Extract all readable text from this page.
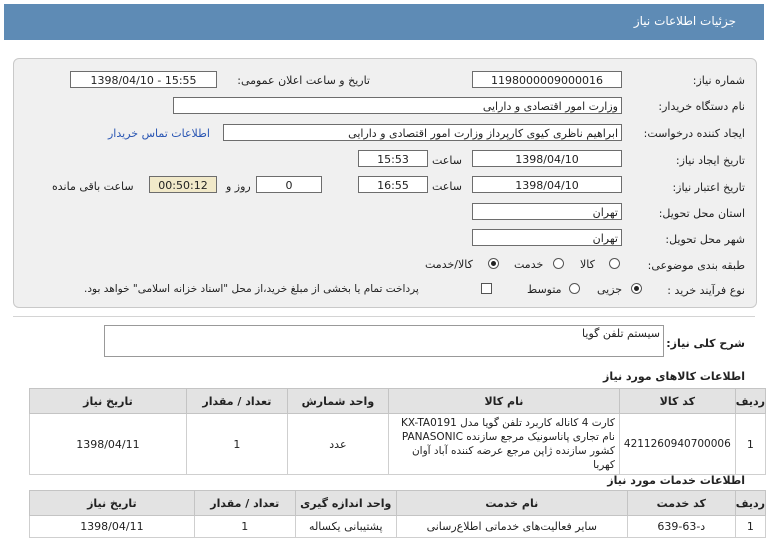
جزئیات اطلاعات نیاز
شماره نیاز:
1198000009000016
تاریخ و ساعت اعلان عمومی:
1398/04/10 - 15:55
نام دستگاه خریدار:
وزارت امور اقتصادی و دارایی
ایجاد کننده درخواست:
ابراهیم ناظری کیوی کارپرداز وزارت امور اقتصادی و دارایی
اطلاعات تماس خریدار
تاریخ ایجاد نیاز:
1398/04/10
ساعت
15:53
تاریخ اعتبار نیاز:
1398/04/10
ساعت
16:55
0
روز و
00:50:12
ساعت باقی مانده
استان محل تحویل:
تهران
شهر محل تحویل:
تهران
طبقه بندی موضوعی:
کالا
خدمت
کالا/خدمت
نوع فرآیند خرید :
جزیی
متوسط
پرداخت تمام یا بخشی از مبلغ خرید،از محل "اسناد خزانه اسلامی" خواهد بود.
شرح کلی نیاز:
سیستم تلفن گویا
اطلاعات کالاهای مورد نیاز
ردیف	کد کالا	نام کالا	واحد شمارش	تعداد / مقدار	تاریخ نیاز
1	4211260940700006	کارت 4 کاناله کاربرد تلفن گویا مدل KX-TA0191 نام تجاری پاناسونیک مرجع سازنده PANASONIC کشور سازنده ژاپن مرجع عرضه کننده آباد آوان کهربا	عدد	1	1398/04/11
اطلاعات خدمات مورد نیاز
ردیف	کد خدمت	نام خدمت	واحد اندازه گیری	تعداد / مقدار	تاریخ نیاز
1	د-63-639	سایر فعالیت‌های خدماتی اطلاع‌رسانی	پشتیبانی یکساله	1	1398/04/11
